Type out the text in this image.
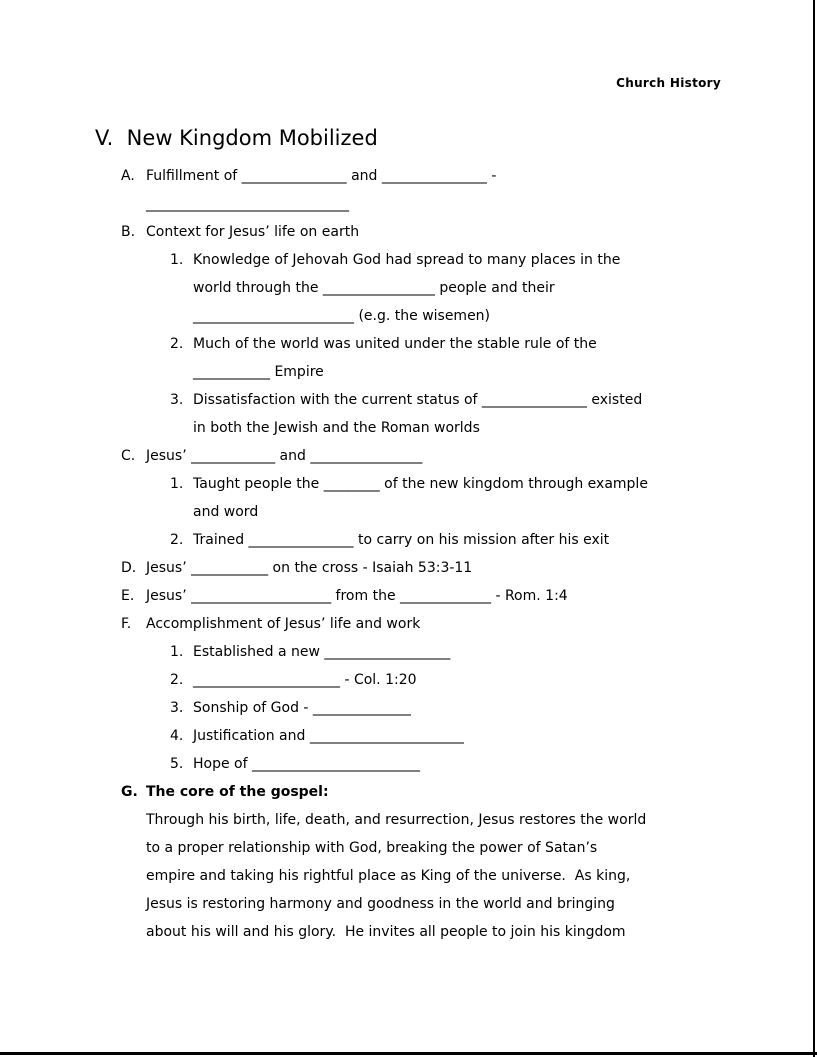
Church History

V.  New Kingdom Mobilized
A. Fulfillment of _______________ and _______________ -
_____________________________
B. Context for Jesus’ life on earth
1. Knowledge of Jehovah God had spread to many places in the
world through the ________________ people and their
_______________________ (e.g. the wisemen)
2. Much of the world was united under the stable rule of the
___________ Empire
3. Dissatisfaction with the current status of _______________ existed
in both the Jewish and the Roman worlds
C. Jesus’ ____________ and ________________
1. Taught people the ________ of the new kingdom through example
and word
2. Trained _______________ to carry on his mission after his exit
D. Jesus’ ___________ on the cross - Isaiah 53:3-11
E. Jesus’ ____________________ from the _____________ - Rom. 1:4
F.	Accomplishment of Jesus’ life and work
1. Established a new __________________
2. _____________________ - Col. 1:20
3. Sonship of God - ______________
4. Justification and ______________________
5. Hope of ________________________
G. The core of the gospel:
Through his birth, life, death, and resurrection, Jesus restores the world
to a proper relationship with God, breaking the power of Satan’s
empire and taking his rightful place as King of the universe.  As king,
Jesus is restoring harmony and goodness in the world and bringing
about his will and his glory.  He invites all people to join his kingdom
